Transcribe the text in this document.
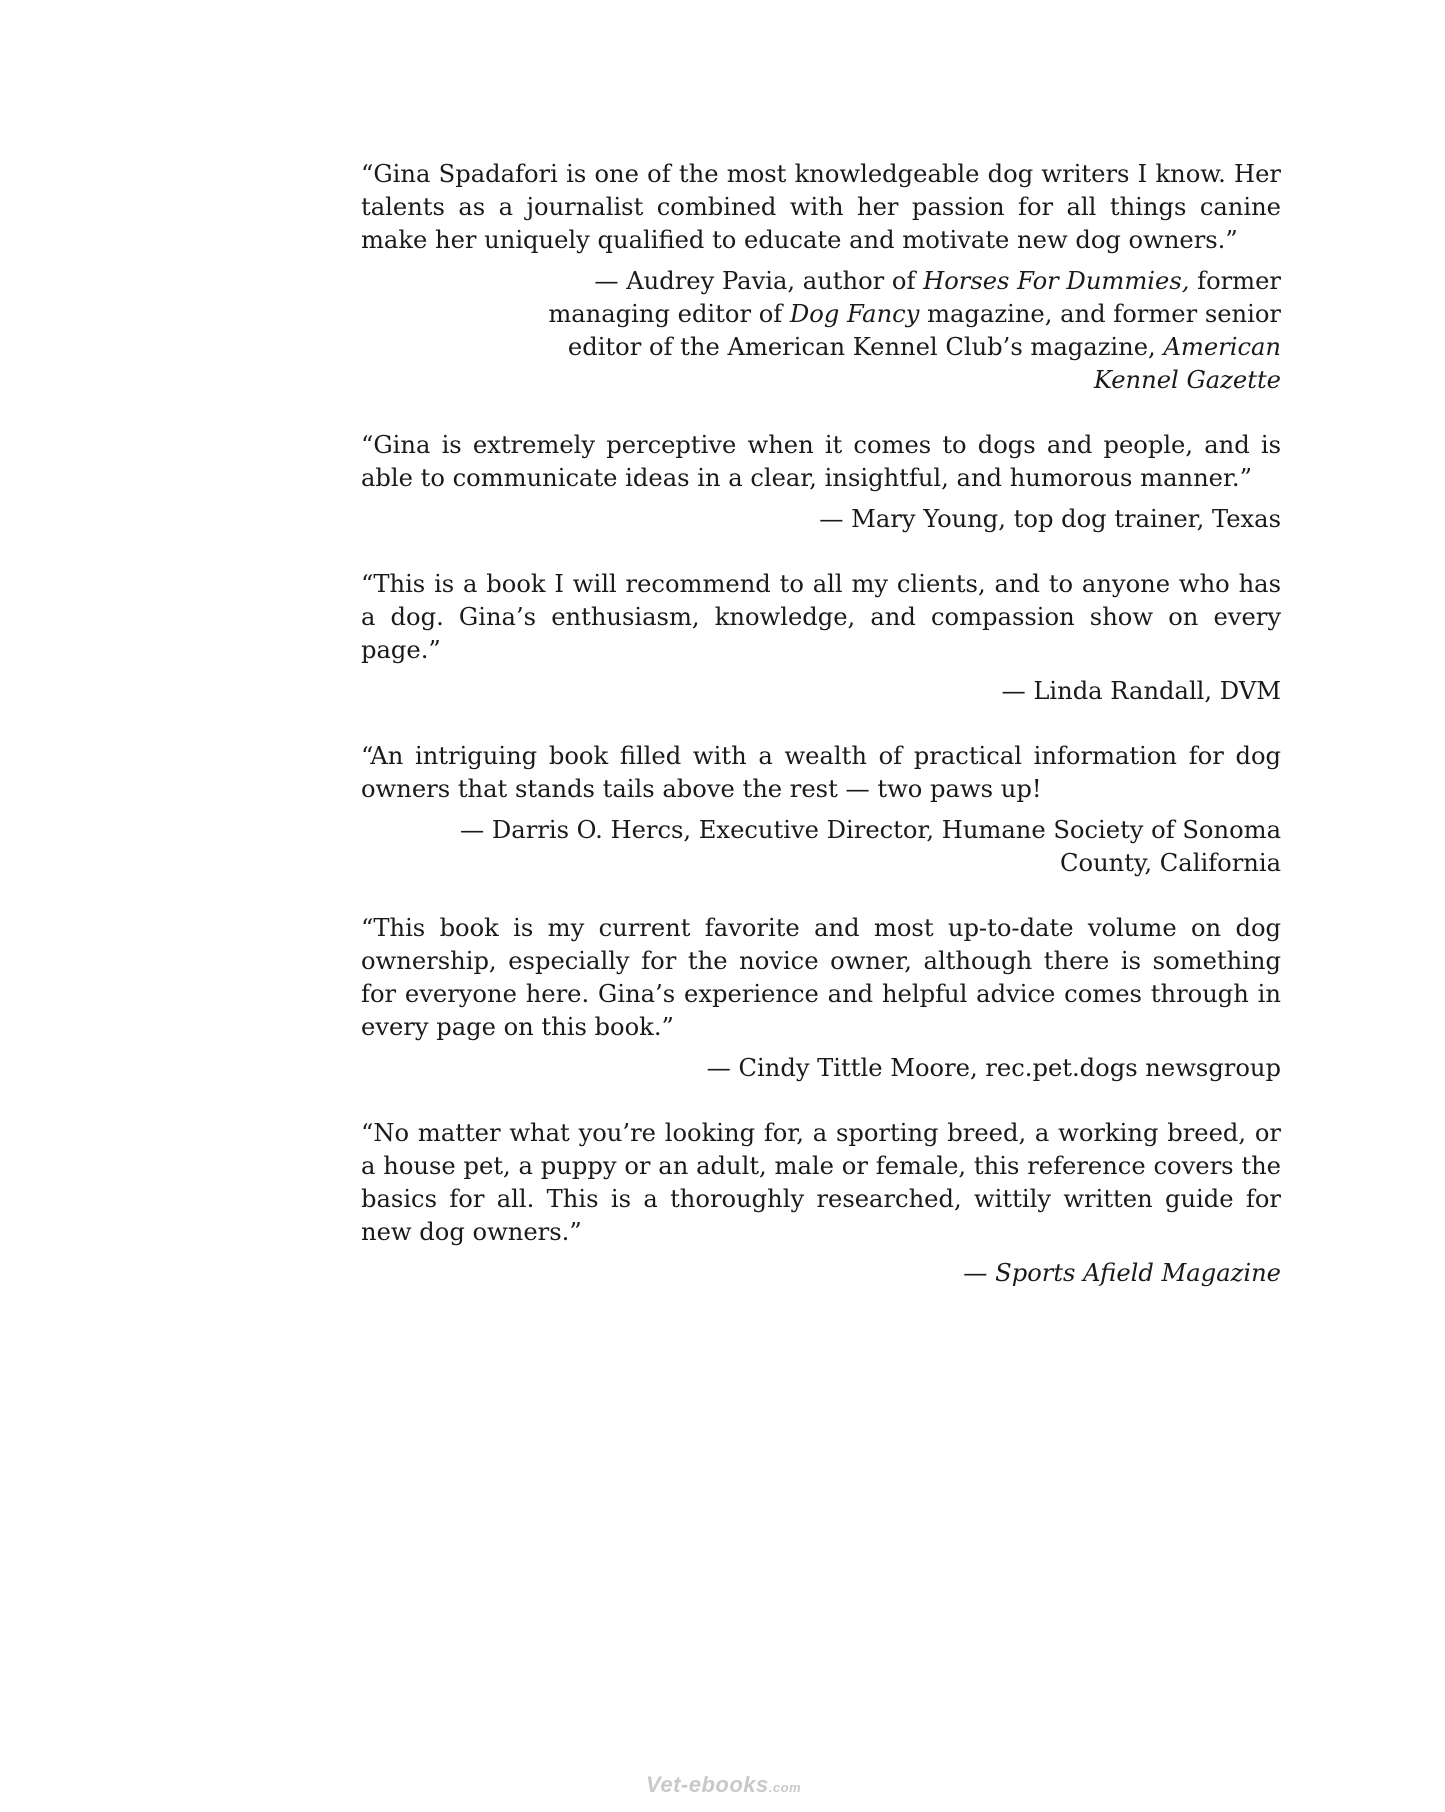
“Gina Spadafori is one of the most knowledgeable dog writers I know. Her talents as a journalist combined with her passion for all things canine make her uniquely qualified to educate and motivate new dog owners.”

— Audrey Pavia, author of Horses For Dummies, former managing editor of Dog Fancy magazine, and former senior editor of the American Kennel Club’s magazine, American Kennel Gazette

“Gina is extremely perceptive when it comes to dogs and people, and is able to communicate ideas in a clear, insightful, and humorous manner.”

— Mary Young, top dog trainer, Texas

“This is a book I will recommend to all my clients, and to anyone who has a dog. Gina’s enthusiasm, knowledge, and compassion show on every page.”

— Linda Randall, DVM

“An intriguing book filled with a wealth of practical information for dog owners that stands tails above the rest — two paws up!

— Darris O. Hercs, Executive Director, Humane Society of Sonoma County, California

“This book is my current favorite and most up-to-date volume on dog ownership, especially for the novice owner, although there is something for everyone here. Gina’s experience and helpful advice comes through in every page on this book.”

— Cindy Tittle Moore, rec.pet.dogs newsgroup

“No matter what you’re looking for, a sporting breed, a working breed, or a house pet, a puppy or an adult, male or female, this reference covers the basics for all. This is a thoroughly researched, wittily written guide for new dog owners.”

— Sports Afield Magazine

Vet-ebooks.com
